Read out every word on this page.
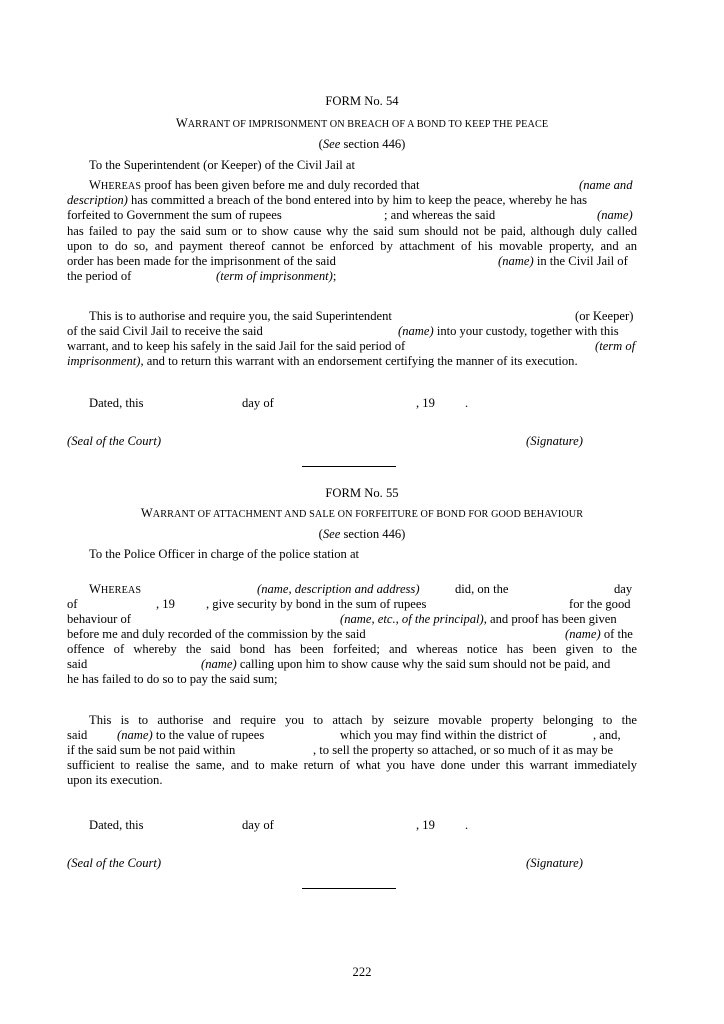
FORM No. 54
WARRANT OF IMPRISONMENT ON BREACH OF A BOND TO KEEP THE PEACE
(See section 446)
To the Superintendent (or Keeper) of the Civil Jail at
WHEREAS proof has been given before me and duly recorded that	(name and
description) has committed a breach of the bond entered into by him to keep the peace, whereby he has
forfeited to Government the sum of rupees	; and whereas the said	(name)
has failed to pay the said sum or to show cause why the said sum should not be paid, although duly called
upon to do so, and payment thereof cannot be enforced by attachment of his movable property, and an
order has been made for the imprisonment of the said	(name) in the Civil Jail of
the period of	(term of imprisonment);
This is to authorise and require you, the said Superintendent	(or Keeper)
of the said Civil Jail to receive the said	(name) into your custody, together with this
warrant, and to keep his safely in the said Jail for the said period of	(term of
imprisonment), and to return this warrant with an endorsement certifying the manner of its execution.
Dated, this	day of	, 19 .
(Seal of the Court)	(Signature)
FORM No. 55
WARRANT OF ATTACHMENT AND SALE ON FORFEITURE OF BOND FOR GOOD BEHAVIOUR
(See section 446)
To the Police Officer in charge of the police station at
WHEREAS	(name, description and address)	did, on the	day
of	, 19 , give security by bond in the sum of rupees	for the good
behaviour of	(name, etc., of the principal), and proof has been given
before me and duly recorded of the commission by the said	(name) of the
offence of whereby the said bond has been forfeited; and whereas notice has been given to the
said	(name) calling upon him to show cause why the said sum should not be paid, and
he has failed to do so to pay the said sum;
This is to authorise and require you to attach by seizure movable property belonging to the
said (name) to the value of rupees	which you may find within the district of	, and,
if the said sum be not paid within	, to sell the property so attached, or so much of it as may be
sufficient to realise the same, and to make return of what you have done under this warrant immediately
upon its execution.
Dated, this	day of	, 19 .
(Seal of the Court)	(Signature)
222
